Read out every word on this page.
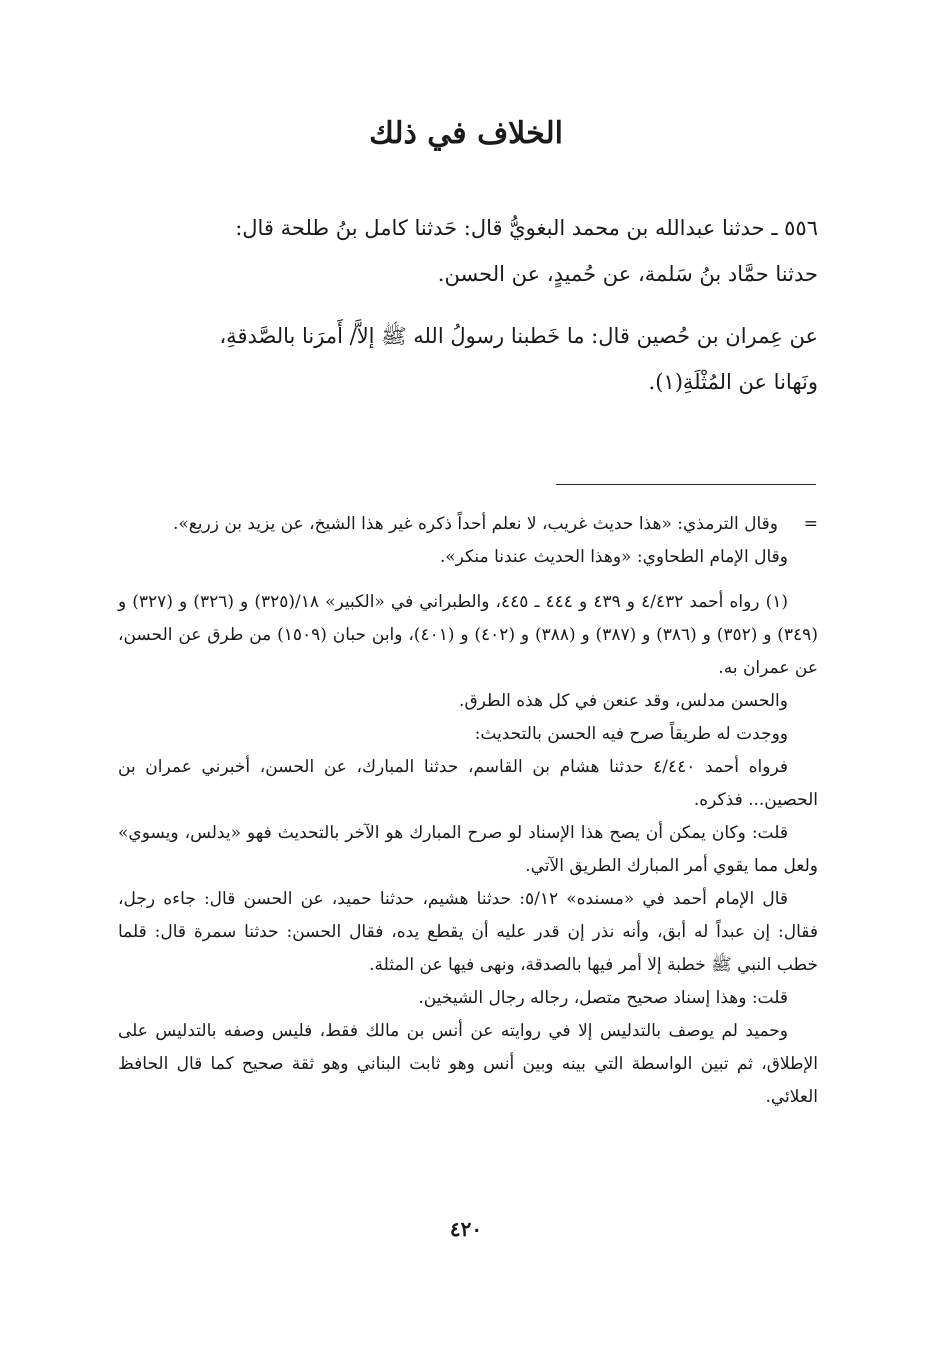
الخلاف في ذلك

٥٥٦ ـ حدثنا عبدالله بن محمد البغويُّ قال: حَدثنا كامل بنُ طلحة قال:

حدثنا حمَّاد بنُ سَلمة، عن حُميدٍ، عن الحسن.

عن عِمران بن حُصين قال: ما خَطبنا رسولُ الله ﷺ إلاَّ/ أَمرَنا بالصَّدقةِ،

ونَهانا عن المُثْلَةِ(١).

=وقال الترمذي: «هذا حديث غريب، لا نعلم أحداً ذكره غير هذا الشيخ، عن يزيد بن زريع».

وقال الإمام الطحاوي: «وهذا الحديث عندنا منكر».

(١) رواه أحمد ٤/٤٣٢ و ٤٣٩ و ٤٤٤ ـ ٤٤٥، والطبراني في «الكبير» ١٨/(٣٢٥) و (٣٢٦) و (٣٢٧) و (٣٤٩) و (٣٥٢) و (٣٨٦) و (٣٨٧) و (٣٨٨) و (٤٠٢) و (٤٠١)، وابن حبان (١٥٠٩) من طرق عن الحسن، عن عمران به.

والحسن مدلس، وقد عنعن في كل هذه الطرق.

ووجدت له طريقاً صرح فيه الحسن بالتحديث:

فرواه أحمد ٤/٤٤٠ حدثنا هشام بن القاسم، حدثنا المبارك، عن الحسن، أخبرني عمران بن الحصين... فذكره.

قلت: وكان يمكن أن يصح هذا الإسناد لو صرح المبارك هو الآخر بالتحديث فهو «يدلس، ويسوي» ولعل مما يقوي أمر المبارك الطريق الآتي.

قال الإمام أحمد في «مسنده» ٥/١٢: حدثنا هشيم، حدثنا حميد، عن الحسن قال: جاءه رجل، فقال: إن عبداً له أبق، وأنه نذر إن قدر عليه أن يقطع يده، فقال الحسن: حدثنا سمرة قال: قلما خطب النبي ﷺ خطبة إلا أمر فيها بالصدقة، ونهى فيها عن المثلة.

قلت: وهذا إسناد صحيح متصل، رجاله رجال الشيخين.

وحميد لم يوصف بالتدليس إلا في روايته عن أنس بن مالك فقط، فليس وصفه بالتدليس على الإطلاق، ثم تبين الواسطة التي بينه وبين أنس وهو ثابت البناني وهو ثقة صحيح كما قال الحافظ العلائي.

٤٢٠
